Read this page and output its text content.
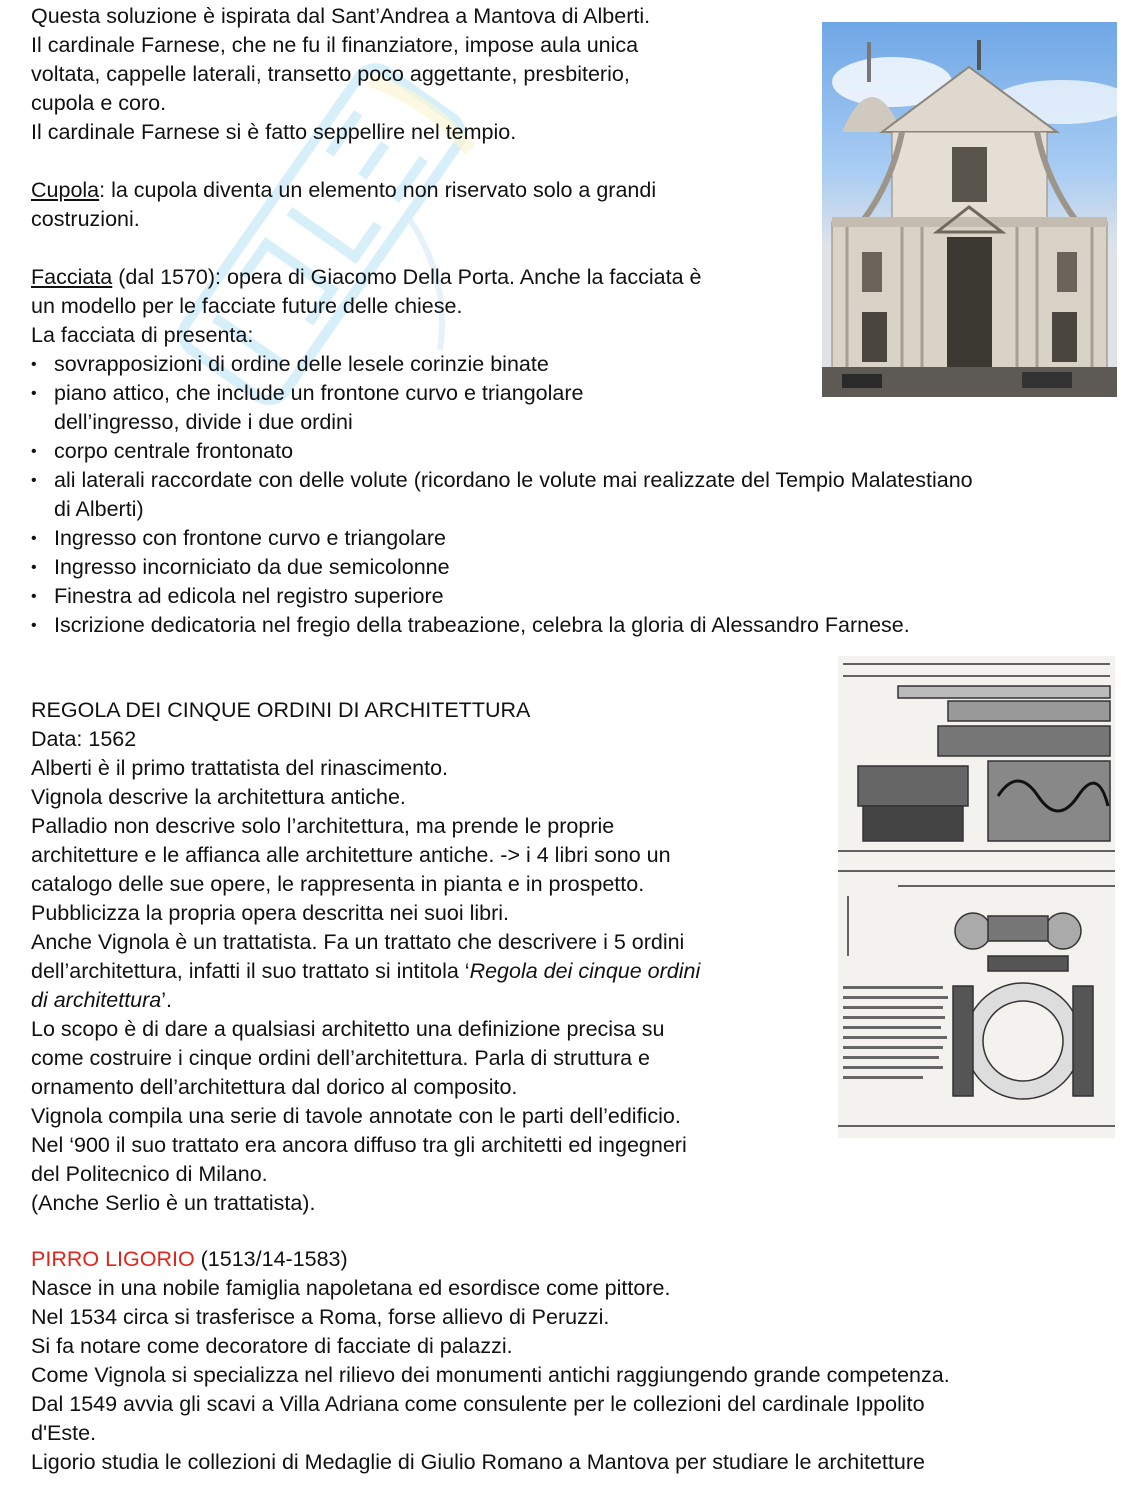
Questa soluzione è ispirata dal Sant’Andrea a Mantova di Alberti.
Il cardinale Farnese, che ne fu il finanziatore, impose aula unica
voltata, cappelle laterali, transetto poco aggettante, presbiterio,
cupola e coro.
Il cardinale Farnese si è fatto seppellire nel tempio.

Cupola: la cupola diventa un elemento non riservato solo a grandi
costruzioni.

Facciata (dal 1570): opera di Giacomo Della Porta. Anche la facciata è
un modello per le facciate future delle chiese.
La facciata di presenta:
• sovrapposizioni di ordine delle lesele corinzie binate
• piano attico, che include un frontone curvo e triangolare
dell’ingresso, divide i due ordini
• corpo centrale frontonato
• ali laterali raccordate con delle volute (ricordano le volute mai realizzate del Tempio Malatestiano
di Alberti)
• Ingresso con frontone curvo e triangolare
• Ingresso incorniciato da due semicolonne
• Finestra ad edicola nel registro superiore
• Iscrizione dedicatoria nel fregio della trabeazione, celebra la gloria di Alessandro Farnese.
REGOLA DEI CINQUE ORDINI DI ARCHITETTURA
Data: 1562
Alberti è il primo trattatista del rinascimento.
Vignola descrive la architettura antiche.
Palladio non descrive solo l’architettura, ma prende le proprie
architetture e le affianca alle architetture antiche. -> i 4 libri sono un
catalogo delle sue opere, le rappresenta in pianta e in prospetto.
Pubblicizza la propria opera descritta nei suoi libri.
Anche Vignola è un trattatista. Fa un trattato che descrivere i 5 ordini
dell’architettura, infatti il suo trattato si intitola ‘Regola dei cinque ordini
di architettura’.
Lo scopo è di dare a qualsiasi architetto una definizione precisa su
come costruire i cinque ordini dell’architettura. Parla di struttura e
ornamento dell’architettura dal dorico al composito.
Vignola compila una serie di tavole annotate con le parti dell’edificio.
Nel ‘900 il suo trattato era ancora diffuso tra gli architetti ed ingegneri
del Politecnico di Milano.
(Anche Serlio è un trattatista).
PIRRO LIGORIO (1513/14-1583)
Nasce in una nobile famiglia napoletana ed esordisce come pittore.
Nel 1534 circa si trasferisce a Roma, forse allievo di Peruzzi.
Si fa notare come decoratore di facciate di palazzi.
Come Vignola si specializza nel rilievo dei monumenti antichi raggiungendo grande competenza.
Dal 1549 avvia gli scavi a Villa Adriana come consulente per le collezioni del cardinale Ippolito
d'Este.
Ligorio studia le collezioni di Medaglie di Giulio Romano a Mantova per studiare le architetture
